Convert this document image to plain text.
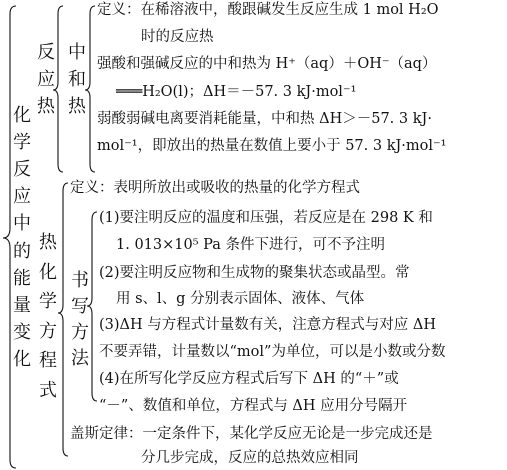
化
学
反
应
中
的
能
量
变
化
反
应
热
中
和
热
热
化
学
方
程
式
书
写
方
法
定义：在稀溶液中，酸跟碱发生反应生成 1 mol H₂O
时的反应热
强酸和强碱反应的中和热为 H⁺（aq）＋OH⁻（aq）
═══H₂O(l)；ΔH＝－57. 3 kJ·mol⁻¹
弱酸弱碱电离要消耗能量，中和热 ΔH＞－57. 3 kJ·
mol⁻¹，即放出的热量在数值上要小于 57. 3 kJ·mol⁻¹
定义：表明所放出或吸收的热量的化学方程式
(1)要注明反应的温度和压强，若反应是在 298 K 和
1. 013×10⁵ Pa 条件下进行，可不予注明
(2)要注明反应物和生成物的聚集状态或晶型。常
用 s、l、g 分别表示固体、液体、气体
(3)ΔH 与方程式计量数有关，注意方程式与对应 ΔH
不要弄错，计量数以“mol”为单位，可以是小数或分数
(4)在所写化学反应方程式后写下 ΔH 的“＋”或
“－”、数值和单位，方程式与 ΔH 应用分号隔开
盖斯定律：一定条件下，某化学反应无论是一步完成还是
分几步完成，反应的总热效应相同
